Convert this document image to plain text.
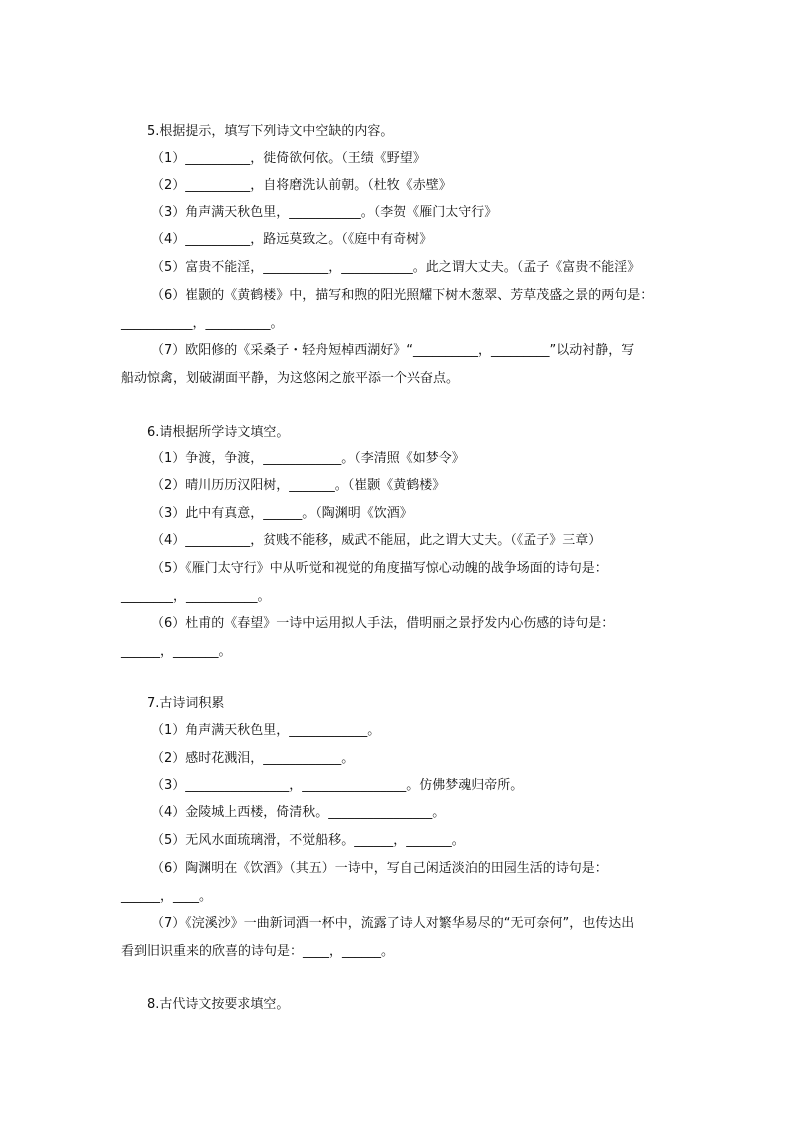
5.根据提示，填写下列诗文中空缺的内容。
（1）__________，徙倚欲何依。（王绩《野望》
（2）__________，自将磨洗认前朝。（杜牧《赤壁》
（3）角声满天秋色里，___________。（李贺《雁门太守行》
（4）__________，路远莫致之。（《庭中有奇树》
（5）富贵不能淫，__________，___________。此之谓大丈夫。（孟子《富贵不能淫》
（6）崔颢的《黄鹤楼》中，描写和煦的阳光照耀下树木葱翠、芳草茂盛之景的两句是：
___________，__________。
（7）欧阳修的《采桑子・轻舟短棹西湖好》“__________，_________”以动衬静，写
船动惊禽，划破湖面平静，为这悠闲之旅平添一个兴奋点。
6.请根据所学诗文填空。
（1）争渡，争渡，____________。（李清照《如梦令》
（2）晴川历历汉阳树，_______。（崔颢《黄鹤楼》
（3）此中有真意，______。（陶渊明《饮酒》
（4）__________，贫贱不能移，威武不能屈，此之谓大丈夫。（《孟子》三章）
（5）《雁门太守行》中从听觉和视觉的角度描写惊心动魄的战争场面的诗句是：
________，___________。
（6）杜甫的《春望》一诗中运用拟人手法，借明丽之景抒发内心伤感的诗句是：
______，_______。
7.古诗词积累
（1）角声满天秋色里，____________。
（2）感时花溅泪，____________。
（3）________________，________________。仿佛梦魂归帝所。
（4）金陵城上西楼，倚清秋。________________。
（5）无风水面琉璃滑，不觉船移。______，_______。
（6）陶渊明在《饮酒》（其五）一诗中，写自己闲适淡泊的田园生活的诗句是：
______，____。
（7）《浣溪沙》一曲新词酒一杯中，流露了诗人对繁华易尽的“无可奈何”，也传达出
看到旧识重来的欣喜的诗句是：____，______。
8.古代诗文按要求填空。
